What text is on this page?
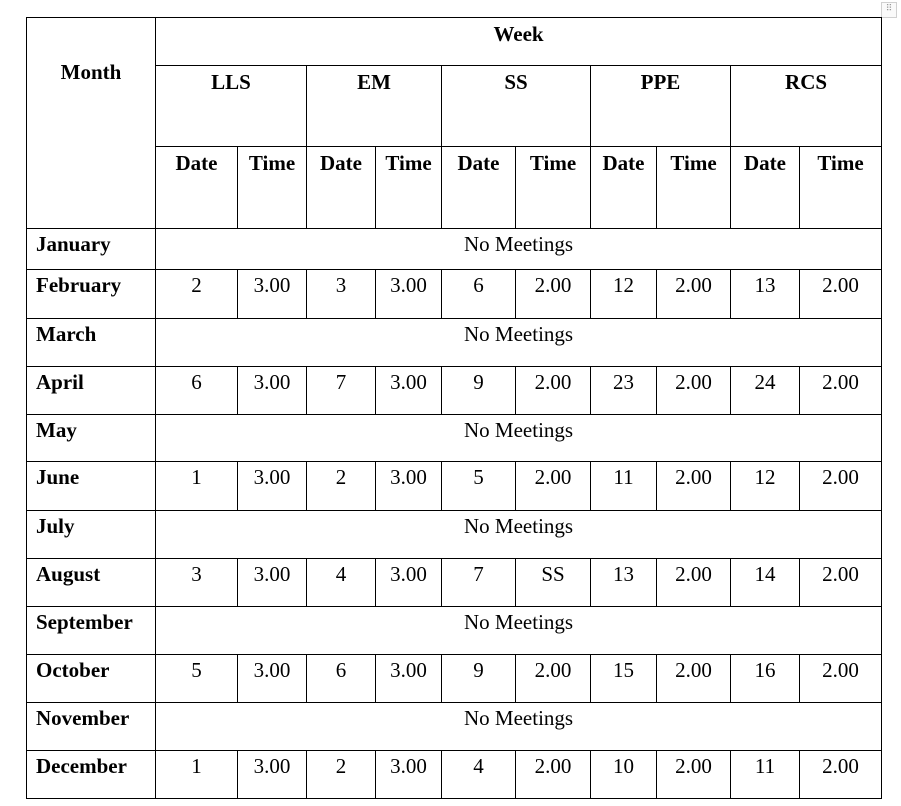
⠿
Month	Week									
	LLS		EM		SS		PPE		RCS	
	Date	Time	Date	Time	Date	Time	Date	Time	Date	Time
January	No Meetings									
February	2	3.00	3	3.00	6	2.00	12	2.00	13	2.00
March	No Meetings									
April	6	3.00	7	3.00	9	2.00	23	2.00	24	2.00
May	No Meetings									
June	1	3.00	2	3.00	5	2.00	11	2.00	12	2.00
July	No Meetings									
August	3	3.00	4	3.00	7	SS	13	2.00	14	2.00
September	No Meetings									
October	5	3.00	6	3.00	9	2.00	15	2.00	16	2.00
November	No Meetings									
December	1	3.00	2	3.00	4	2.00	10	2.00	11	2.00
